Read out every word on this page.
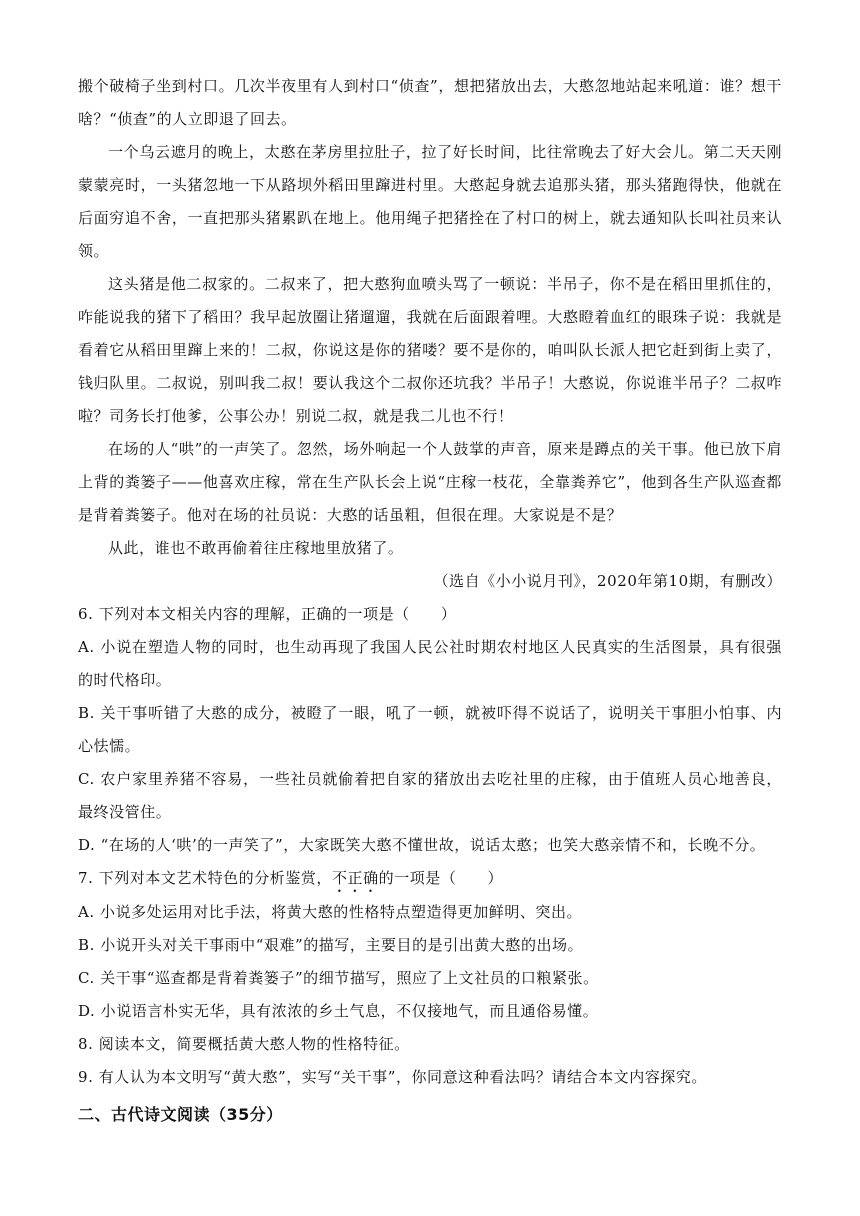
搬个破椅子坐到村口。几次半夜里有人到村口“侦查”，想把猪放出去，大憨忽地站起来吼道：谁？想干啥？“侦查”的人立即退了回去。

一个乌云遮月的晚上，太憨在茅房里拉肚子，拉了好长时间，比往常晚去了好大会儿。第二天天刚蒙蒙亮时，一头猪忽地一下从路坝外稻田里蹿进村里。大憨起身就去追那头猪，那头猪跑得快，他就在后面穷追不舍，一直把那头猪累趴在地上。他用绳子把猪拴在了村口的树上，就去通知队长叫社员来认领。

这头猪是他二叔家的。二叔来了，把大憨狗血喷头骂了一顿说：半吊子，你不是在稻田里抓住的，咋能说我的猪下了稻田？我早起放圈让猪遛遛，我就在后面跟着哩。大憨瞪着血红的眼珠子说：我就是看着它从稻田里蹿上来的！二叔，你说这是你的猪喽？要不是你的，咱叫队长派人把它赶到街上卖了，钱归队里。二叔说，别叫我二叔！要认我这个二叔你还坑我？半吊子！大憨说，你说谁半吊子？二叔咋啦？司务长打他爹，公事公办！别说二叔，就是我二儿也不行！

在场的人“哄”的一声笑了。忽然，场外响起一个人鼓掌的声音，原来是蹲点的关干事。他已放下肩上背的粪篓子——他喜欢庄稼，常在生产队长会上说“庄稼一枝花，全靠粪养它”，他到各生产队巡查都是背着粪篓子。他对在场的社员说：大憨的话虽粗，但很在理。大家说是不是？

从此，谁也不敢再偷着往庄稼地里放猪了。

（选自《小小说月刊》，2020年第10期，有删改）

6. 下列对本文相关内容的理解，正确的一项是（　　）

A. 小说在塑造人物的同时，也生动再现了我国人民公社时期农村地区人民真实的生活图景，具有很强的时代格印。

B. 关干事听错了大憨的成分，被瞪了一眼，吼了一顿，就被吓得不说话了，说明关干事胆小怕事、内心怯懦。

C. 农户家里养猪不容易，一些社员就偷着把自家的猪放出去吃社里的庄稼，由于值班人员心地善良，最终没管住。

D. “在场的人‘哄’的一声笑了”，大家既笑大憨不懂世故，说话太憨；也笑大憨亲情不和，长晚不分。

7. 下列对本文艺术特色的分析鉴赏，不正确的一项是（　　）

A. 小说多处运用对比手法，将黄大憨的性格特点塑造得更加鲜明、突出。

B. 小说开头对关干事雨中“艰难”的描写，主要目的是引出黄大憨的出场。

C. 关干事“巡查都是背着粪篓子”的细节描写，照应了上文社员的口粮紧张。

D. 小说语言朴实无华，具有浓浓的乡土气息，不仅接地气，而且通俗易懂。

8. 阅读本文，简要概括黄大憨人物的性格特征。

9. 有人认为本文明写“黄大憨”，实写“关干事”，你同意这种看法吗？请结合本文内容探究。

二、古代诗文阅读（35分）
